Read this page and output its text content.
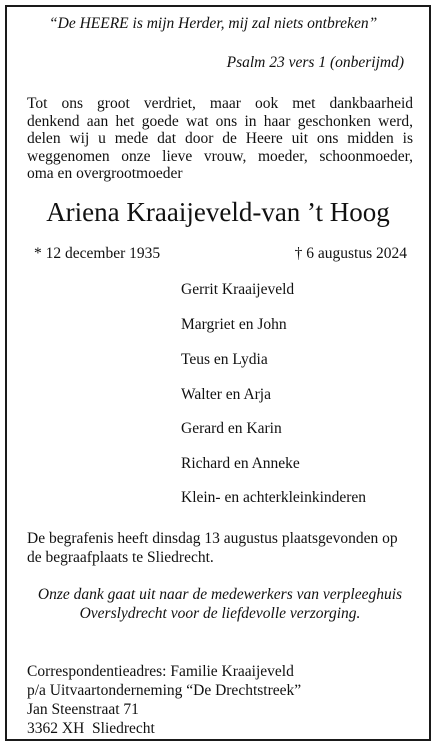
“De HEERE is mijn Herder, mij zal niets ontbreken”
Psalm 23 vers 1 (onberijmd)
Tot ons groot verdriet, maar ook met dankbaarheid
denkend aan het goede wat ons in haar geschonken werd,
delen wij u mede dat door de Heere uit ons midden is
weggenomen onze lieve vrouw, moeder, schoonmoeder,
oma en overgrootmoeder
Ariena Kraaijeveld-van ’t Hoog
* 12 december 1935	† 6 augustus 2024
Gerrit Kraaijeveld
Margriet en John
Teus en Lydia
Walter en Arja
Gerard en Karin
Richard en Anneke
Klein- en achterkleinkinderen
De begrafenis heeft dinsdag 13 augustus plaatsgevonden op de begraafplaats te Sliedrecht.
Onze dank gaat uit naar de medewerkers van verpleeghuis Overslydrecht voor de liefdevolle verzorging.
Correspondentieadres: Familie Kraaijeveld
p/a Uitvaartonderneming “De Drechtstreek”
Jan Steenstraat 71
3362 XH  Sliedrecht
